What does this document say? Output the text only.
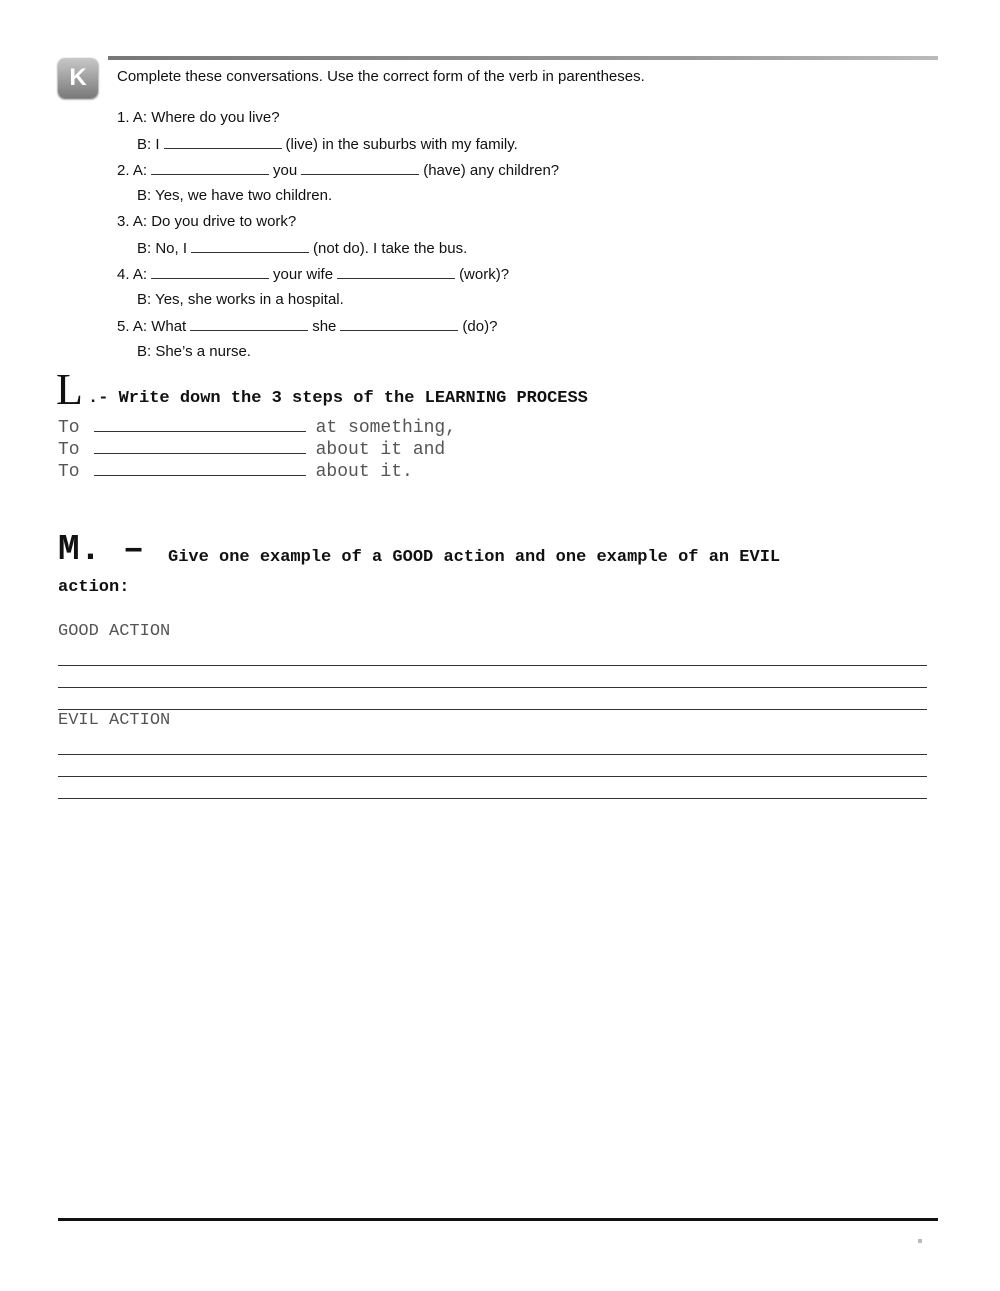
K	Complete these conversations. Use the correct form of the verb in parentheses.
1. A: Where do you live?
B: I	(live) in the suburbs with my family.
2. A:	you	(have) any children?
B: Yes, we have two children.
3. A: Do you drive to work?
B: No, I	(not do). I take the bus.
4. A:	your wife	(work)?
B: Yes, she works in a hospital.
5. A: What	she	(do)?
B: She’s a nurse.
L .- Write down the 3 steps of the LEARNING PROCESS
To	at something,
To	about it and
To	about it.
M. – Give one example of a GOOD action and one example of an EVIL
action:
GOOD ACTION
EVIL ACTION
